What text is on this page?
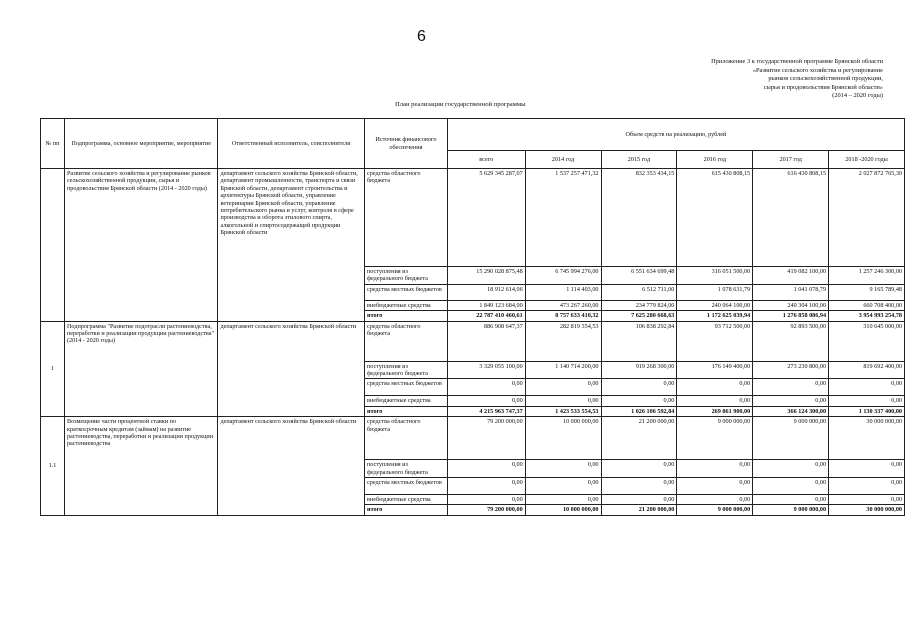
6
Приложение 3 к государственной программе Брянской области
«Развитие сельского хозяйства и регулирование
рынков сельскохозяйственной продукции,
сырья и продовольствия Брянской области»
(2014 – 2020 годы)
План реализации государственной программы
№ пп	Подпрограмма, основное мероприятие, мероприятие	Ответственный исполнитель, соисполнители	Источник финансового обеспечения	Объем средств на реализацию, рублей					
				всего	2014 год	2015 год	2016 год	2017 год	2018 -2020 годы
	Развитие сельского хозяйства и регулирование рынков сельскохозяйственной продукции, сырья и продовольствия Брянской области (2014 - 2020 годы)	департамент сельского хозяйства Брянской области, департамент промышленности, транспорта и связи Брянской области, департамент строительства и архитектуры Брянской области, управление ветеринарии Брянской области, управление потребительского рынка и услуг, контроля в сфере производства и оборота этилового спирта, алкогольной и спиртосодержащей продукции Брянской области	средства областного бюджета	5 629 345 287,07	1 537 257 471,32	832 353 434,15	615 430 808,15	616 430 808,15	2 027 872 765,30
			поступления из федерального бюджета	15 290 028 875,48	6 745 994 276,00	6 551 634 699,48	316 051 500,00	419 082 100,00	1 257 246 300,00
			средства местных бюджетов	18 912 614,06	1 114 403,00	6 512 711,00	1 078 631,79	1 041 078,79	9 165 789,48
			внебюджетные средства	1 849 123 684,00	473 267 260,00	234 779 824,00	240 064 100,00	240 304 100,00	660 708 400,00
			итого	22 787 410 460,61	8 757 633 410,32	7 625 280 668,63	1 172 625 039,94	1 276 858 086,94	3 954 993 254,78
1	Подпрограмма "Развитие подотрасли растениеводства, переработки и реализации продукции растениеводства" (2014 - 2020 годы)	департамент сельского хозяйства Брянской области	средства областного бюджета	886 908 647,37	282 819 354,53	106 838 292,84	93 712 500,00	92 893 500,00	310 645 000,00
			поступления из федерального бюджета	3 329 055 100,00	1 140 714 200,00	919 268 300,00	176 149 400,00	273 230 800,00	819 692 400,00
			средства местных бюджетов	0,00	0,00	0,00	0,00	0,00	0,00
			внебюджетные средства	0,00	0,00	0,00	0,00	0,00	0,00
			итого	4 215 963 747,37	1 423 533 554,53	1 026 106 592,84	269 861 900,00	366 124 300,00	1 130 337 400,00
1.1	Возмещение части процентной ставки по краткосрочным кредитам (займам) на развитие растениеводства, переработки и реализации продукции растениеводства	департамент сельского хозяйства Брянской области	средства областного бюджета	79 200 000,00	10 000 000,00	21 200 000,00	9 000 000,00	9 000 000,00	30 000 000,00
			поступления из федерального бюджета	0,00	0,00	0,00	0,00	0,00	0,00
			средства местных бюджетов	0,00	0,00	0,00	0,00	0,00	0,00
			внебюджетные средства	0,00	0,00	0,00	0,00	0,00	0,00
			итого	79 200 000,00	10 000 000,00	21 200 000,00	9 000 000,00	9 000 000,00	30 000 000,00
